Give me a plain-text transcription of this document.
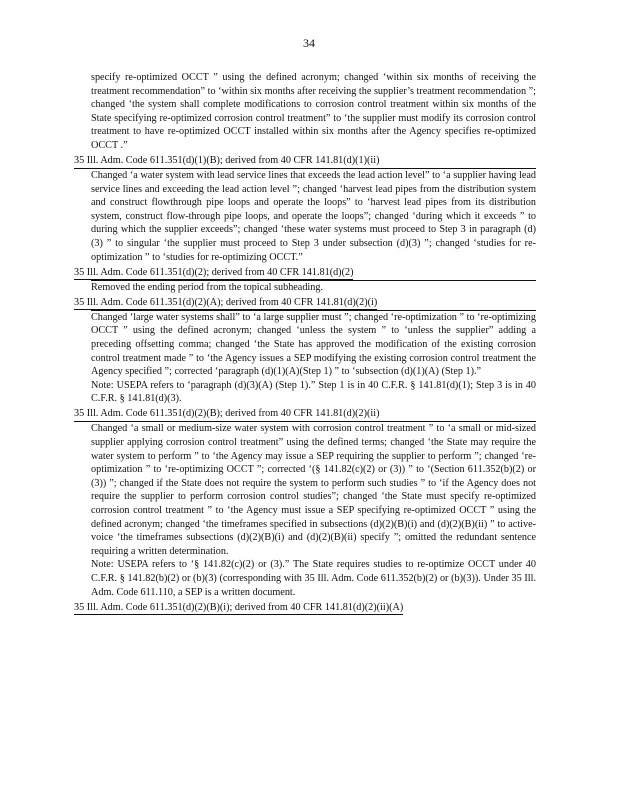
34

specify re-optimized OCCT ” using the defined acronym; changed ‘within six months of receiving the treatment recommendation” to ‘within six months after receiving the supplier’s treatment recommendation ”; changed ‘the system shall complete modifications to corrosion control treatment within six months of the State specifying re-optimized corrosion control treatment” to ‘the supplier must modify its corrosion control treatment to have re-optimized OCCT installed within six months after the Agency specifies re-optimized OCCT .”

35 Ill. Adm. Code 611.351(d)(1)(B); derived from 40 CFR 141.81(d)(1)(ii)

Changed ‘a water system with lead service lines that exceeds the lead action level” to ‘a supplier having lead service lines and exceeding the lead action level ”; changed ‘harvest lead pipes from the distribution system and construct flowthrough pipe loops and operate the loops” to ‘harvest lead pipes from its distribution system, construct flow-through pipe loops, and operate the loops”; changed ‘during which it exceeds ” to during which the supplier exceeds”; changed ‘these water systems must proceed to Step 3 in paragraph (d)(3) ” to singular ‘the supplier must proceed to Step 3 under subsection (d)(3) ”; changed ‘studies for re-optimization ” to ‘studies for re-optimizing OCCT.”

35 Ill. Adm. Code 611.351(d)(2); derived from 40 CFR 141.81(d)(2)

Removed the ending period from the topical subheading.

35 Ill. Adm. Code 611.351(d)(2)(A); derived from 40 CFR 141.81(d)(2)(i)

Changed ‘large water systems shall” to ‘a large supplier must ”; changed ‘re-optimization ” to ‘re-optimizing OCCT ” using the defined acronym; changed ‘unless the system ” to ‘unless the supplier” adding a preceding offsetting comma; changed ‘the State has approved the modification of the existing corrosion control treatment made ” to ‘the Agency issues a SEP modifying the existing corrosion control treatment the Agency specified ”; corrected ‘paragraph (d)(1)(A)(Step 1) ” to ‘subsection (d)(1)(A) (Step 1).”

Note: USEPA refers to ‘paragraph (d)(3)(A) (Step 1).” Step 1 is in 40 C.F.R. § 141.81(d)(1); Step 3 is in 40 C.F.R. § 141.81(d)(3).

35 Ill. Adm. Code 611.351(d)(2)(B); derived from 40 CFR 141.81(d)(2)(ii)

Changed ‘a small or medium-size water system with corrosion control treatment ” to ‘a small or mid-sized supplier applying corrosion control treatment” using the defined terms; changed ‘the State may require the water system to perform ” to ‘the Agency may issue a SEP requiring the supplier to perform ”; changed ‘re-optimization ” to ‘re-optimizing OCCT ”; corrected ‘(§ 141.82(c)(2) or (3)) ” to ‘(Section 611.352(b)(2) or (3)) ”; changed if the State does not require the system to perform such studies ” to ‘if the Agency does not require the supplier to perform corrosion control studies”; changed ‘the State must specify re-optimized corrosion control treatment ” to ‘the Agency must issue a SEP specifying re-optimized OCCT ” using the defined acronym; changed ‘the timeframes specified in subsections (d)(2)(B)(i) and (d)(2)(B)(ii) ” to active-voice ‘the timeframes subsections (d)(2)(B)(i) and (d)(2)(B)(ii) specify ”; omitted the redundant sentence requiring a written determination.

Note: USEPA refers to ‘§ 141.82(c)(2) or (3).” The State requires studies to re-optimize OCCT under 40 C.F.R. § 141.82(b)(2) or (b)(3) (corresponding with 35 Ill. Adm. Code 611.352(b)(2) or (b)(3)). Under 35 Ill. Adm. Code 611.110, a SEP is a written document.

35 Ill. Adm. Code 611.351(d)(2)(B)(i); derived from 40 CFR 141.81(d)(2)(ii)(A)
